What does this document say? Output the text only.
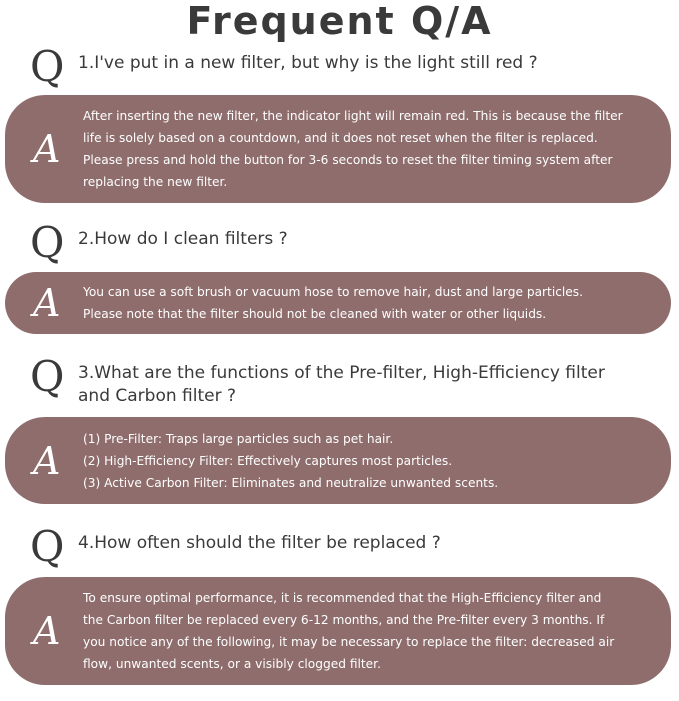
Frequent Q/A
Q 1.I've put in a new filter, but why is the light still red ?
A
After inserting the new filter, the indicator light will remain red. This is because the filter
life is solely based on a countdown, and it does not reset when the filter is replaced.
Please press and hold the button for 3-6 seconds to reset the filter timing system after
replacing the new filter.
Q 2.How do I clean filters ?
A You can use a soft brush or vacuum hose to remove hair, dust and large particles.
Please note that the filter should not be cleaned with water or other liquids.
Q 3.What are the functions of the Pre-filter, High-Efficiency filter
and Carbon filter ?
A (1) Pre-Filter: Traps large particles such as pet hair.
(2) High-Efficiency Filter: Effectively captures most particles.
(3) Active Carbon Filter: Eliminates and neutralize unwanted scents.
Q 4.How often should the filter be replaced ?
A
To ensure optimal performance, it is recommended that the High-Efficiency filter and
the Carbon filter be replaced every 6-12 months, and the Pre-filter every 3 months. If
you notice any of the following, it may be necessary to replace the filter: decreased air
flow, unwanted scents, or a visibly clogged filter.
